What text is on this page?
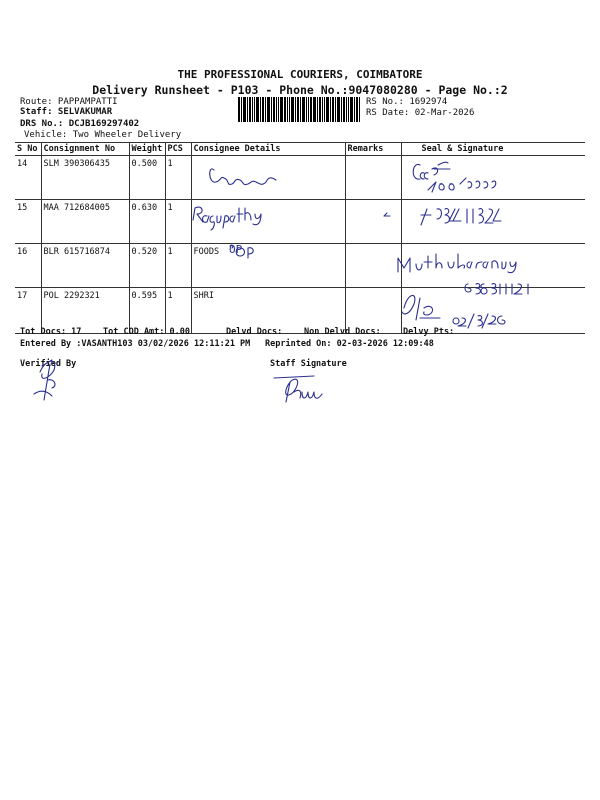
THE PROFESSIONAL COURIERS, COIMBATORE
Delivery Runsheet - P103 - Phone No.:9047080280 - Page No.:2
Route: PAPPAMPATTI
Staff: SELVAKUMAR
DRS No.: DCJB169297402
Vehicle: Two Wheeler Delivery
RS No.: 1692974
RS Date: 02-Mar-2026
S No	Consignment No	Weight	PCS	Consignee Details	Remarks	Seal & Signature
14	SLM 390306435	0.500	1			
15	MAA 712684005	0.630	1			
16	BLR 615716874	0.520	1	FOODS		
17	POL 2292321	0.595	1	SHRI		
OP
Tot Docs: 17	Tot COD Amt: 0.00	Delvd Docs:	Non Delvd Docs:	Delvy Pts:
Entered By :VASANTH103 03/02/2026 12:11:21 PM Reprinted On: 02-03-2026 12:09:48
Verified By	Staff Signature
